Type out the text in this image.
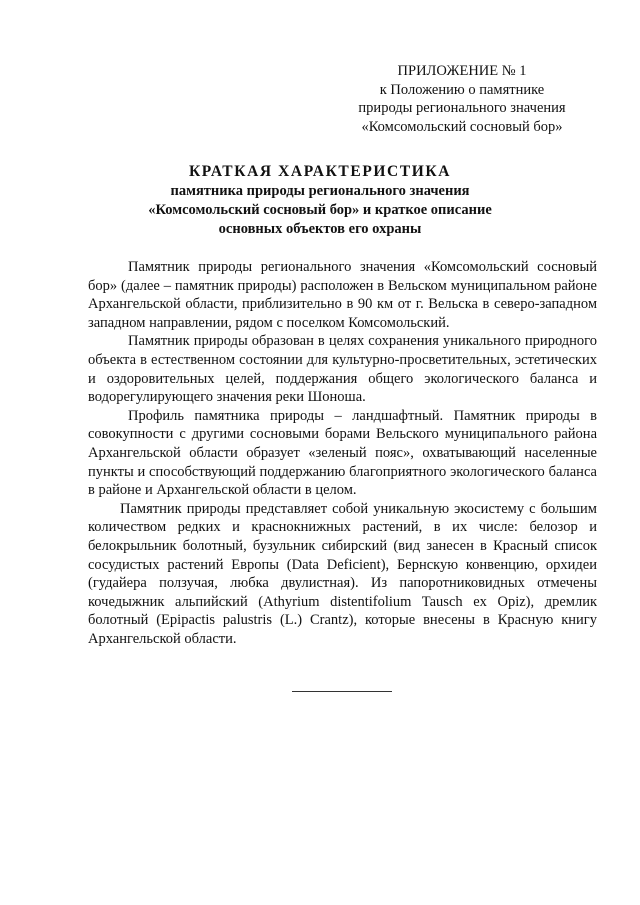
ПРИЛОЖЕНИЕ № 1
к Положению о памятнике
природы регионального значения
«Комсомольский сосновый бор»
КРАТКАЯ ХАРАКТЕРИСТИКА
памятника природы регионального значения
«Комсомольский сосновый бор» и краткое описание
основных объектов его охраны

Памятник природы регионального значения «Комсомольский сосновый бор» (далее – памятник природы) расположен в Вельском муниципальном районе Архангельской области, приблизительно в 90 км от г. Вельска в северо-западном западном направлении, рядом с поселком Комсомольский.

Памятник природы образован в целях сохранения уникального природного объекта в естественном состоянии для культурно-просветительных, эстетических и оздоровительных целей, поддержания общего экологического баланса и водорегулирующего значения реки Шоноша.

Профиль памятника природы – ландшафтный. Памятник природы в совокупности с другими сосновыми борами Вельского муниципального района Архангельской области образует «зеленый пояс», охватывающий населенные пункты и способствующий поддержанию благоприятного экологического баланса в районе и Архангельской области в целом.

Памятник природы представляет собой уникальную экосистему с большим количеством редких и краснокнижных растений, в их числе: белозор и белокрыльник болотный, бузульник сибирский (вид занесен в Красный список сосудистых растений Европы (Data Deficient), Бернскую конвенцию, орхидеи (гудайера ползучая, любка двулистная). Из папоротниковидных отмечены кочедыжник альпийский (Athyrium distentifolium Tausch ex Opiz), дремлик болотный (Epipactis palustris (L.) Crantz), которые внесены в Красную книгу Архангельской области.
